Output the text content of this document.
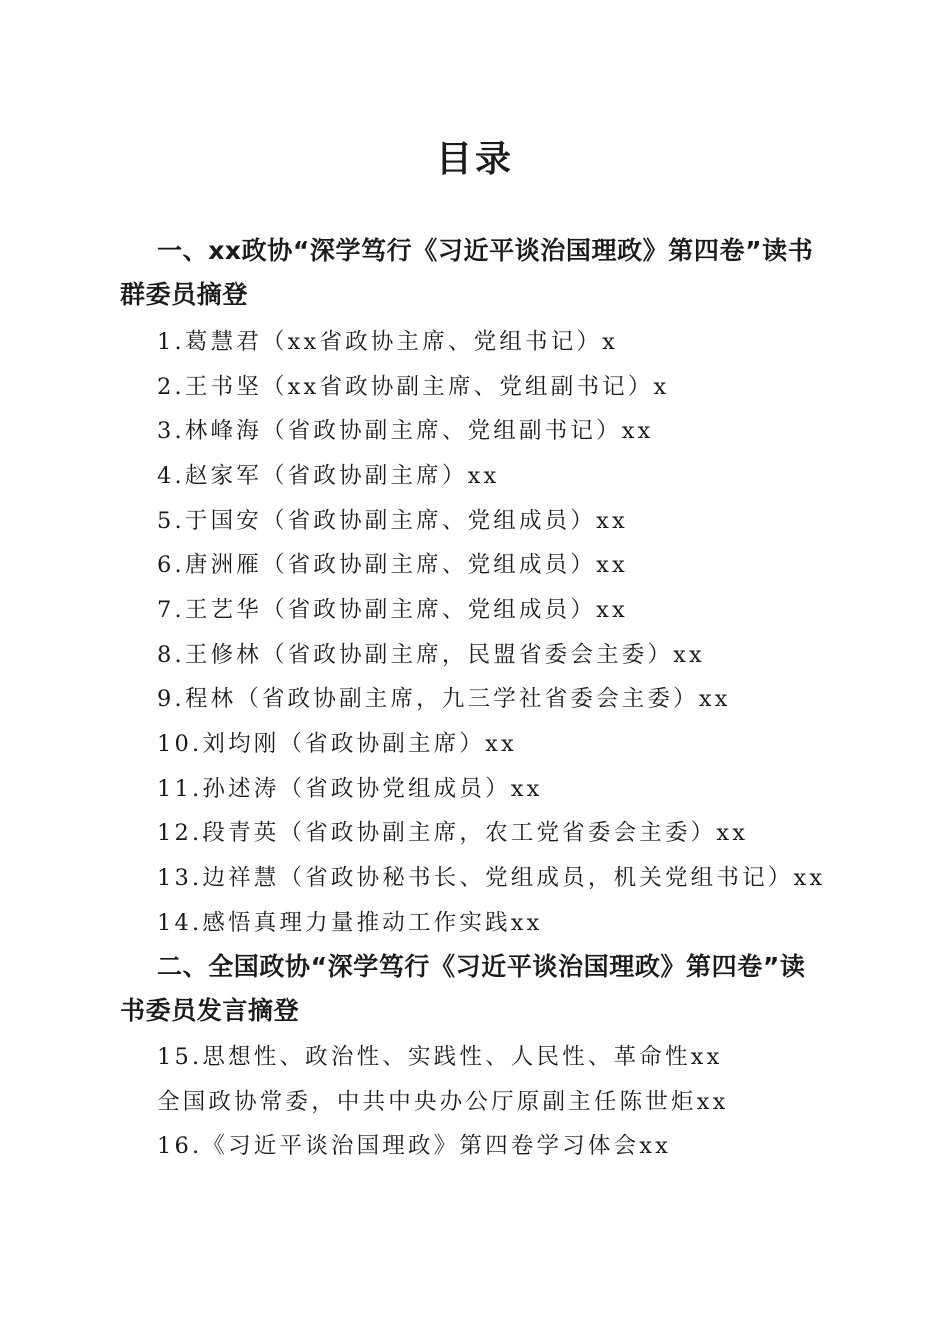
目录
一、xx政协“深学笃行《习近平谈治国理政》第四卷”读书群委员摘登
1.葛慧君（xx省政协主席、党组书记）x
2.王书坚（xx省政协副主席、党组副书记）x
3.林峰海（省政协副主席、党组副书记）xx
4.赵家军（省政协副主席）xx
5.于国安（省政协副主席、党组成员）xx
6.唐洲雁（省政协副主席、党组成员）xx
7.王艺华（省政协副主席、党组成员）xx
8.王修林（省政协副主席，民盟省委会主委）xx
9.程林（省政协副主席，九三学社省委会主委）xx
10.刘均刚（省政协副主席）xx
11.孙述涛（省政协党组成员）xx
12.段青英（省政协副主席，农工党省委会主委）xx
13.边祥慧（省政协秘书长、党组成员，机关党组书记）xx
14.感悟真理力量推动工作实践xx
二、全国政协“深学笃行《习近平谈治国理政》第四卷”读书委员发言摘登
15.思想性、政治性、实践性、人民性、革命性xx
全国政协常委，中共中央办公厅原副主任陈世炬xx
16.《习近平谈治国理政》第四卷学习体会xx
